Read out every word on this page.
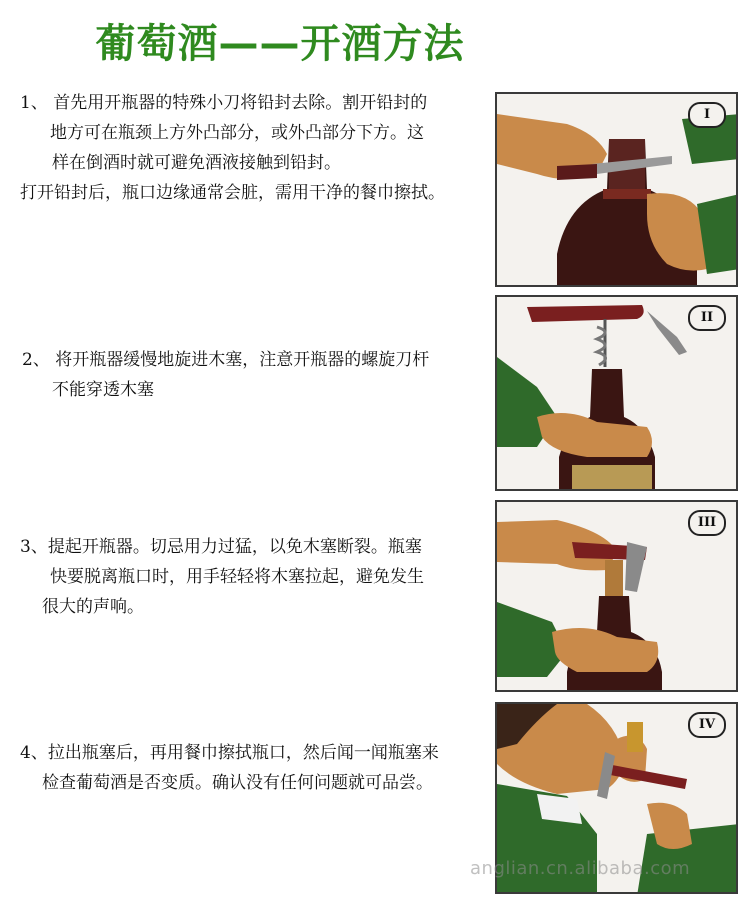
葡萄酒——开酒方法
1、 首先用开瓶器的特殊小刀将铅封去除。割开铅封的
地方可在瓶颈上方外凸部分，或外凸部分下方。这
样在倒酒时就可避免酒液接触到铅封。
打开铅封后，瓶口边缘通常会脏，需用干净的餐巾擦拭。
2、 将开瓶器缓慢地旋进木塞，注意开瓶器的螺旋刀杆
不能穿透木塞
3、提起开瓶器。切忌用力过猛，以免木塞断裂。瓶塞
快要脱离瓶口时，用手轻轻将木塞拉起，避免发生
很大的声响。
4、拉出瓶塞后，再用餐巾擦拭瓶口，然后闻一闻瓶塞来
检查葡萄酒是否变质。确认没有任何问题就可品尝。
I
II
III
IV
anglian.cn.alibaba.com
